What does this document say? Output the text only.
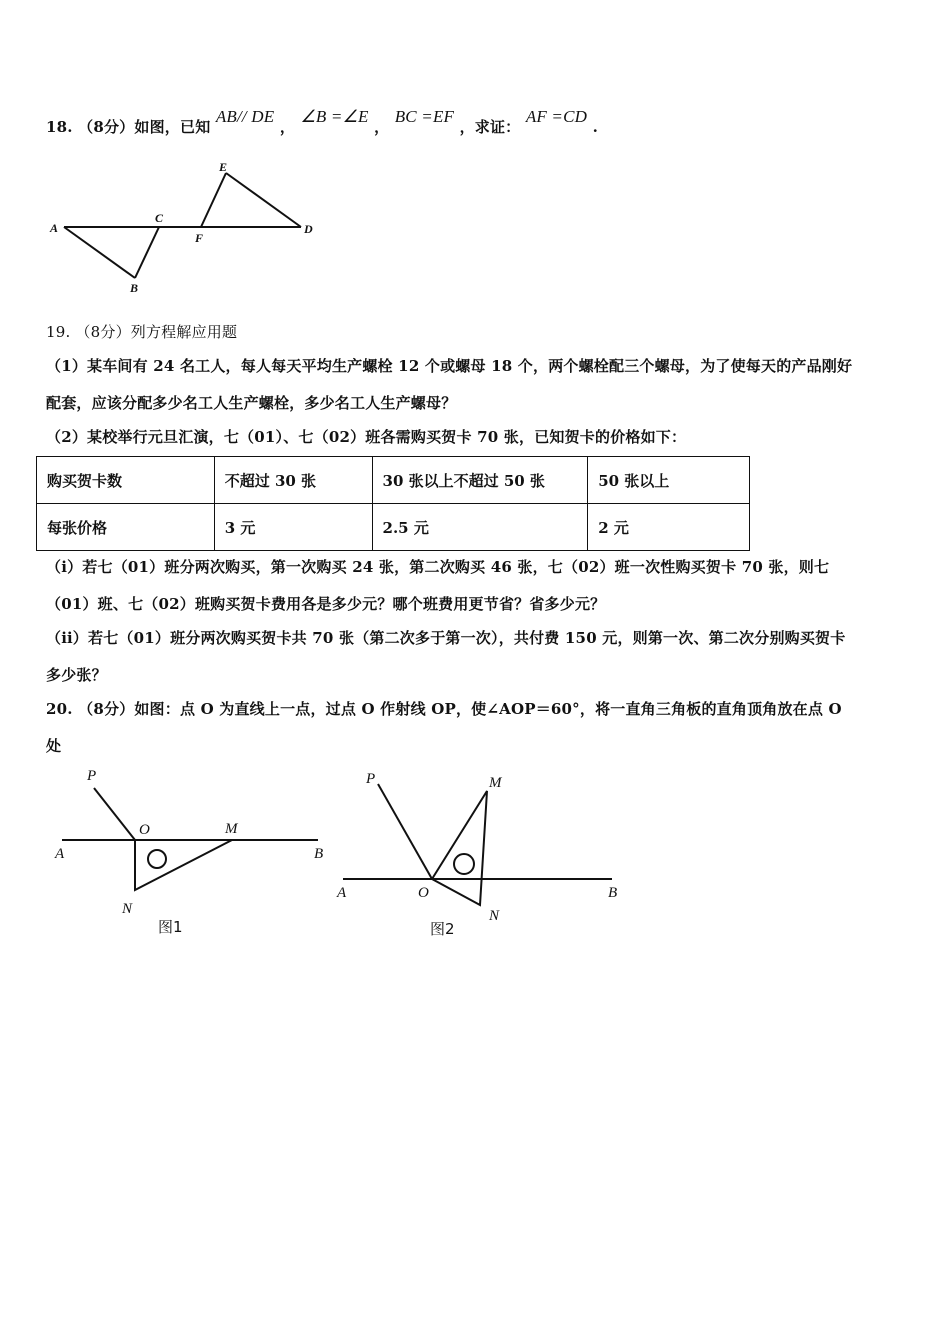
18. （8分）如图，已知 AB// DE ， ∠B =∠E ， BC =EF ，求证： AF =CD .
A
B
C
D
E
F
19. （8分）列方程解应用题
（1）某车间有 24 名工人，每人每天平均生产螺栓 12 个或螺母 18 个，两个螺栓配三个螺母，为了使每天的产品刚好
配套，应该分配多少名工人生产螺栓，多少名工人生产螺母？
（2）某校举行元旦汇演，七（01）、七（02）班各需购买贺卡 70 张，已知贺卡的价格如下：
购买贺卡数	不超过 30 张	30 张以上不超过 50 张	50 张以上
每张价格	3 元	2.5 元	2 元
（i）若七（01）班分两次购买，第一次购买 24 张，第二次购买 46 张，七（02）班一次性购买贺卡 70 张，则七
（01）班、七（02）班购买贺卡费用各是多少元？哪个班费用更节省？省多少元？
（ⅱ）若七（01）班分两次购买贺卡共 70 张（第二次多于第一次），共付费 150 元，则第一次、第二次分别购买贺卡
多少张？
20. （8分）如图：点 O 为直线上一点，过点 O 作射线 OP，使∠AOP＝60°，将一直角三角板的直角顶角放在点 O
处
P
O	M
A	B
N
图1
P	M
A	O	B
N
图2
